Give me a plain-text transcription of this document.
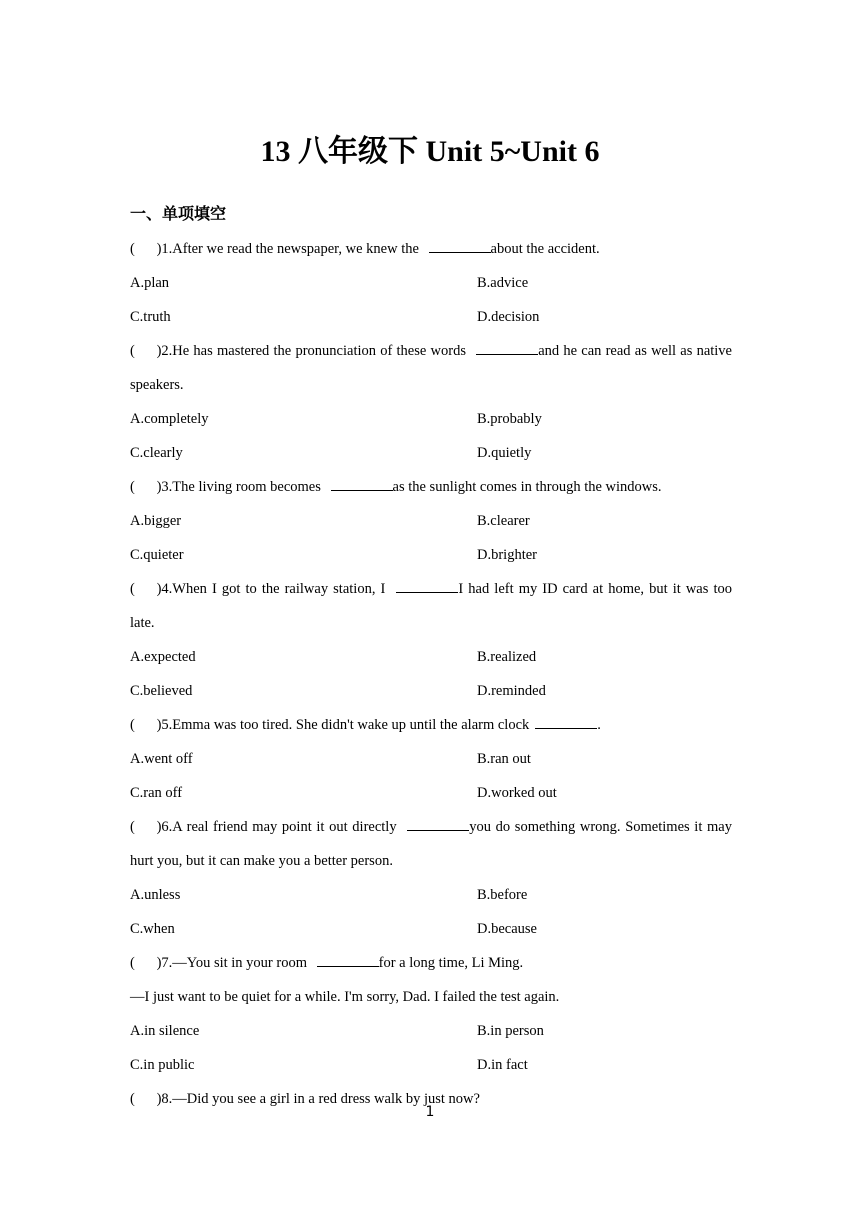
13 八年级下 Unit 5~Unit 6
一、单项填空
(      )1.After we read the newspaper, we knew the	about the accident.
A.plan	B.advice
C.truth	D.decision
(      )2.He has mastered the pronunciation of these words	and he can read as well as native speakers.
A.completely	B.probably
C.clearly	D.quietly
(      )3.The living room becomes	as the sunlight comes in through the windows.
A.bigger	B.clearer
C.quieter	D.brighter
(      )4.When I got to the railway station, I	I had left my ID card at home, but it was too late.
A.expected	B.realized
C.believed	D.reminded
(      )5.Emma was too tired. She didn't wake up until the alarm clock	.
A.went off	B.ran out
C.ran off	D.worked out
(      )6.A real friend may point it out directly	you do something wrong. Sometimes it may hurt you, but it can make you a better person.
A.unless	B.before
C.when	D.because
(      )7.—You sit in your room	for a long time, Li Ming.
—I just want to be quiet for a while. I'm sorry, Dad. I failed the test again.
A.in silence	B.in person
C.in public	D.in fact
(      )8.—Did you see a girl in a red dress walk by just now?
1
